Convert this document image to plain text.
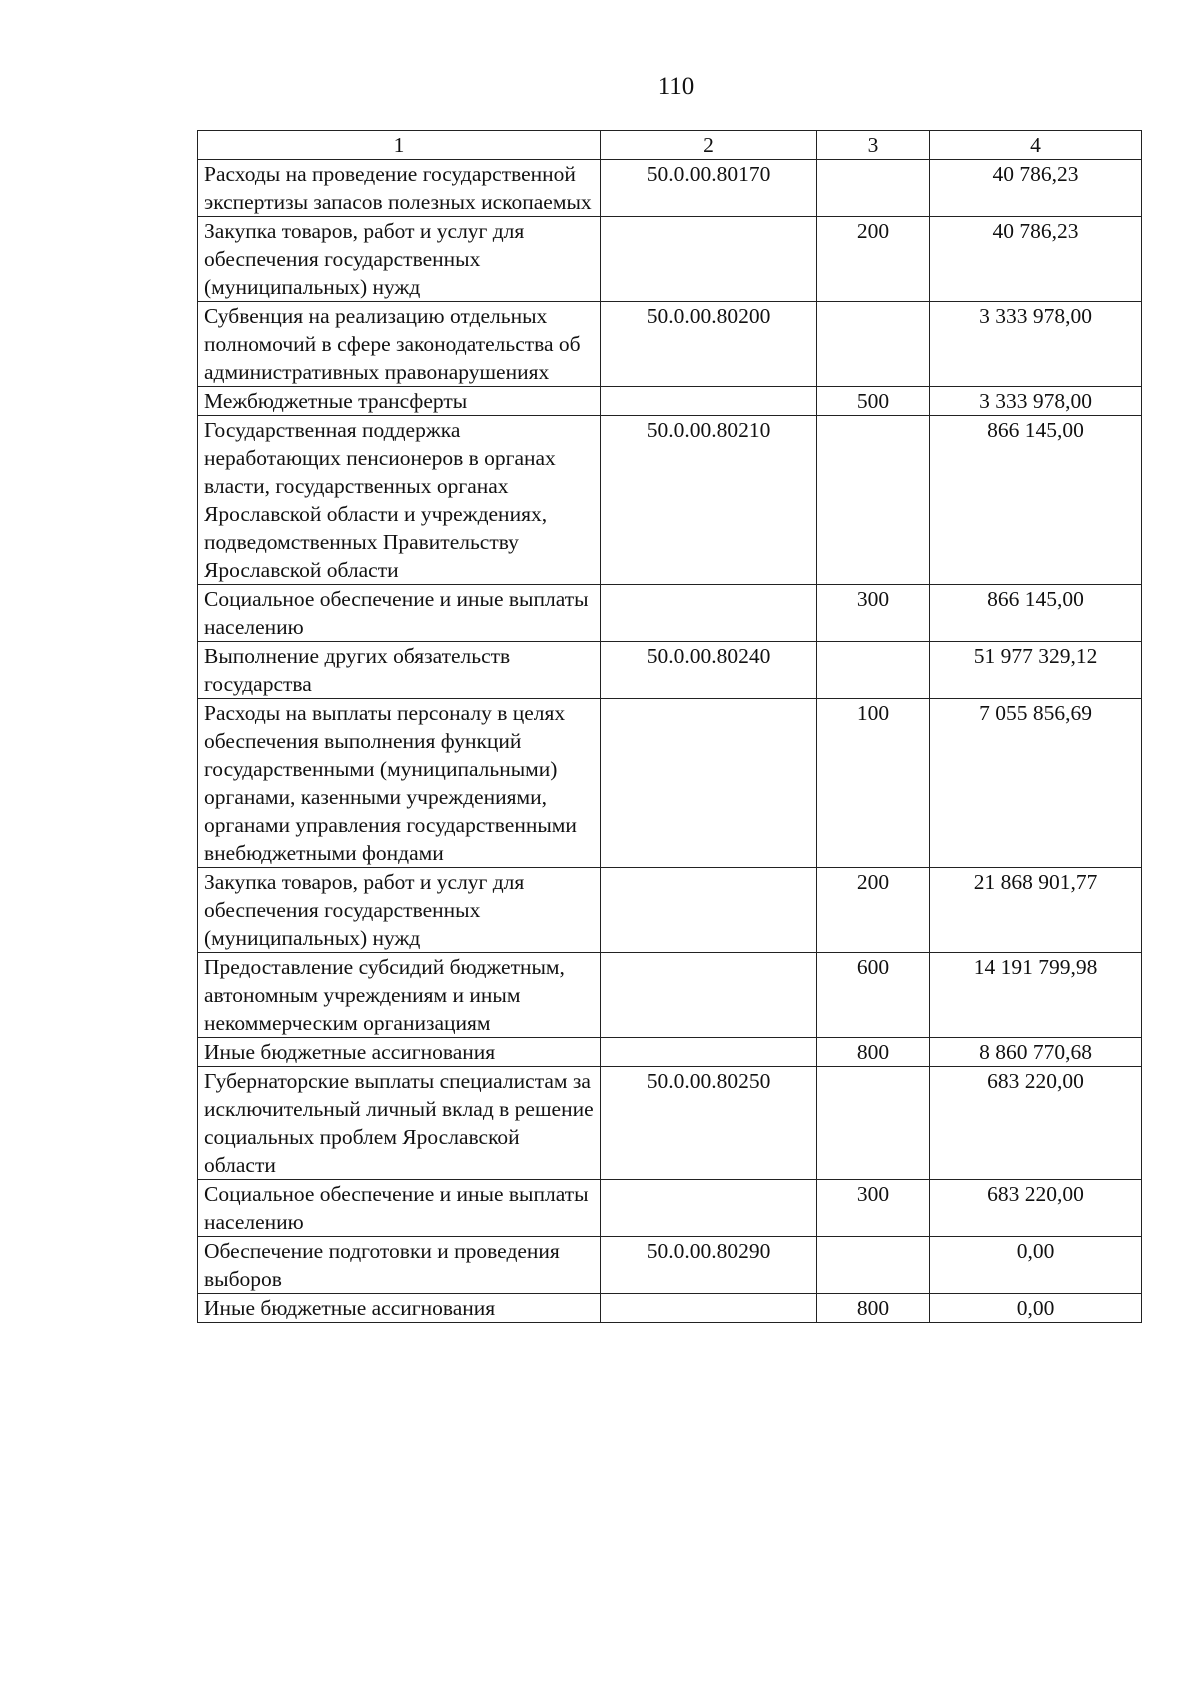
110
1	2	3	4
Расходы на проведение государственной экспертизы запасов полезных ископаемых	50.0.00.80170		40 786,23
Закупка товаров, работ и услуг для обеспечения государственных (муниципальных) нужд		200	40 786,23
Субвенция на реализацию отдельных полномочий в сфере законодательства об административных правонарушениях	50.0.00.80200		3 333 978,00
Межбюджетные трансферты		500	3 333 978,00
Государственная поддержка неработающих пенсионеров в органах власти, государственных органах Ярославской области и учреждениях, подведомственных Правительству Ярославской области	50.0.00.80210		866 145,00
Социальное обеспечение и иные выплаты населению		300	866 145,00
Выполнение других обязательств государства	50.0.00.80240		51 977 329,12
Расходы на выплаты персоналу в целях обеспечения выполнения функций государственными (муниципальными) органами, казенными учреждениями, органами управления государственными внебюджетными фондами		100	7 055 856,69
Закупка товаров, работ и услуг для обеспечения государственных (муниципальных) нужд		200	21 868 901,77
Предоставление субсидий бюджетным, автономным учреждениям и иным некоммерческим организациям		600	14 191 799,98
Иные бюджетные ассигнования		800	8 860 770,68
Губернаторские выплаты специалистам за исключительный личный вклад в решение социальных проблем Ярославской области	50.0.00.80250		683 220,00
Социальное обеспечение и иные выплаты населению		300	683 220,00
Обеспечение подготовки и проведения выборов	50.0.00.80290		0,00
Иные бюджетные ассигнования		800	0,00
